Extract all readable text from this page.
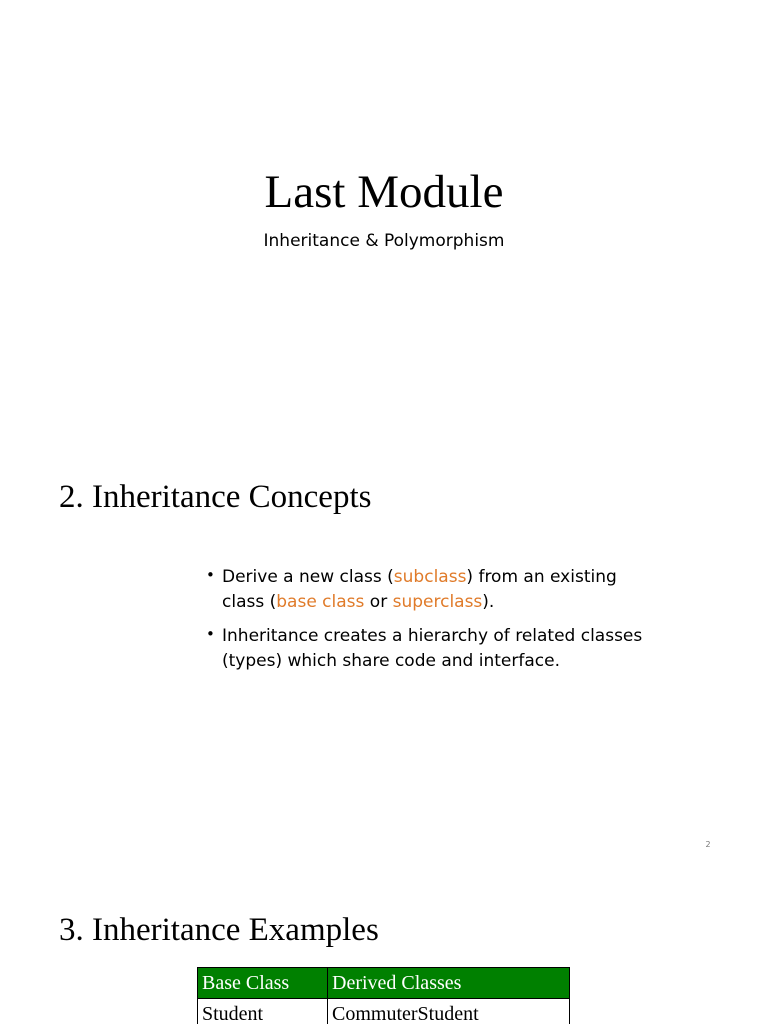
Last Module
Inheritance & Polymorphism
2. Inheritance Concepts
• Derive a new class (subclass) from an existing class (base class or superclass).
• Inheritance creates a hierarchy of related classes (types) which share code and interface.
2
3. Inheritance Examples
Base Class	Derived Classes
Student	CommuterStudent
